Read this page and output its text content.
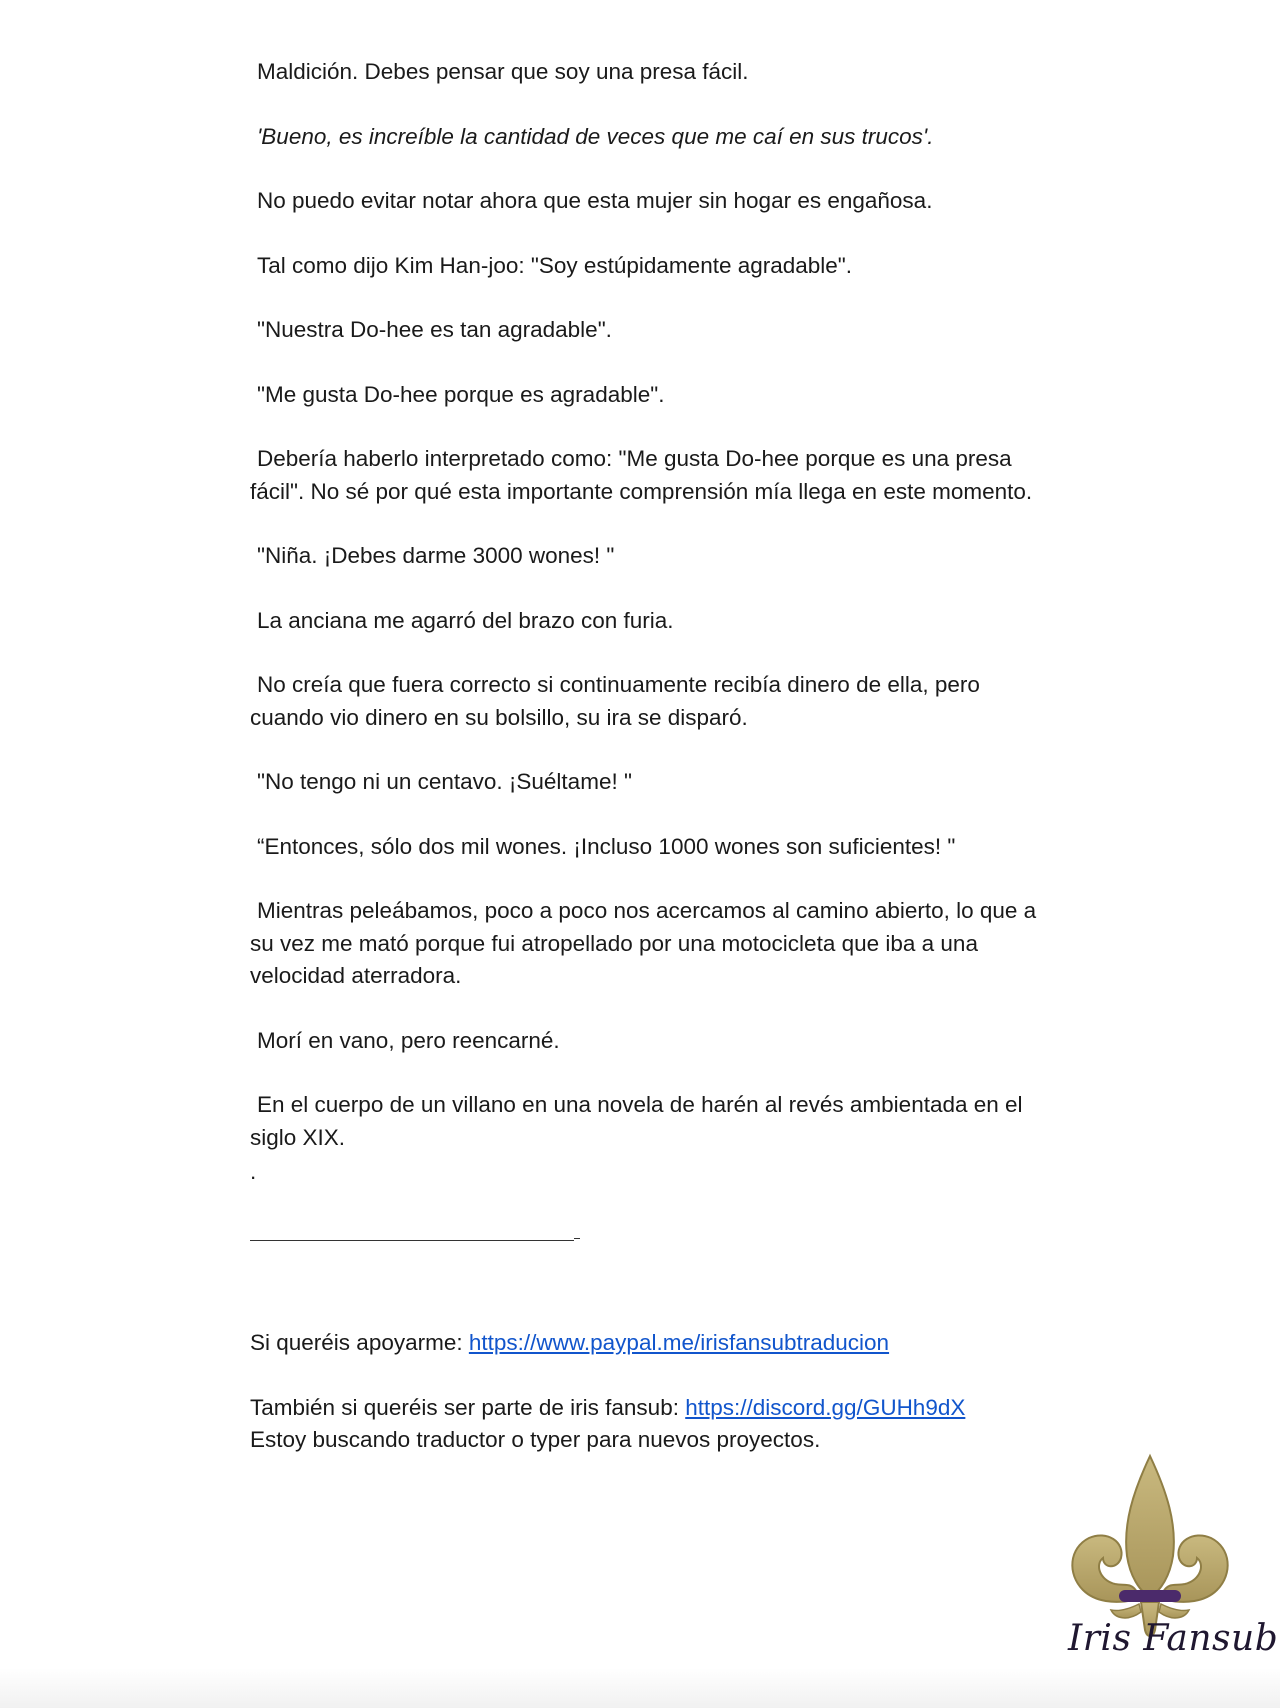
Maldición. Debes pensar que soy una presa fácil.

'Bueno, es increíble la cantidad de veces que me caí en sus trucos'.

No puedo evitar notar ahora que esta mujer sin hogar es engañosa.

Tal como dijo Kim Han-joo: "Soy estúpidamente agradable".

"Nuestra Do-hee es tan agradable".

"Me gusta Do-hee porque es agradable".

Debería haberlo interpretado como: "Me gusta Do-hee porque es una presa fácil". No sé por qué esta importante comprensión mía llega en este momento.

"Niña. ¡Debes darme 3000 wones! "

La anciana me agarró del brazo con furia.

No creía que fuera correcto si continuamente recibía dinero de ella, pero cuando vio dinero en su bolsillo, su ira se disparó.

"No tengo ni un centavo. ¡Suéltame! "

“Entonces, sólo dos mil wones. ¡Incluso 1000 wones son suficientes! "

Mientras peleábamos, poco a poco nos acercamos al camino abierto, lo que a su vez me mató porque fui atropellado por una motocicleta que iba a una velocidad aterradora.

Morí en vano, pero reencarné.

En el cuerpo de un villano en una novela de harén al revés ambientada en el siglo XIX.

.

Si queréis apoyarme: https://www.paypal.me/irisfansubtraducion

También si queréis ser parte de iris fansub: https://discord.gg/GUHh9dX

Estoy buscando traductor o typer para nuevos proyectos.

Iris Fansub
